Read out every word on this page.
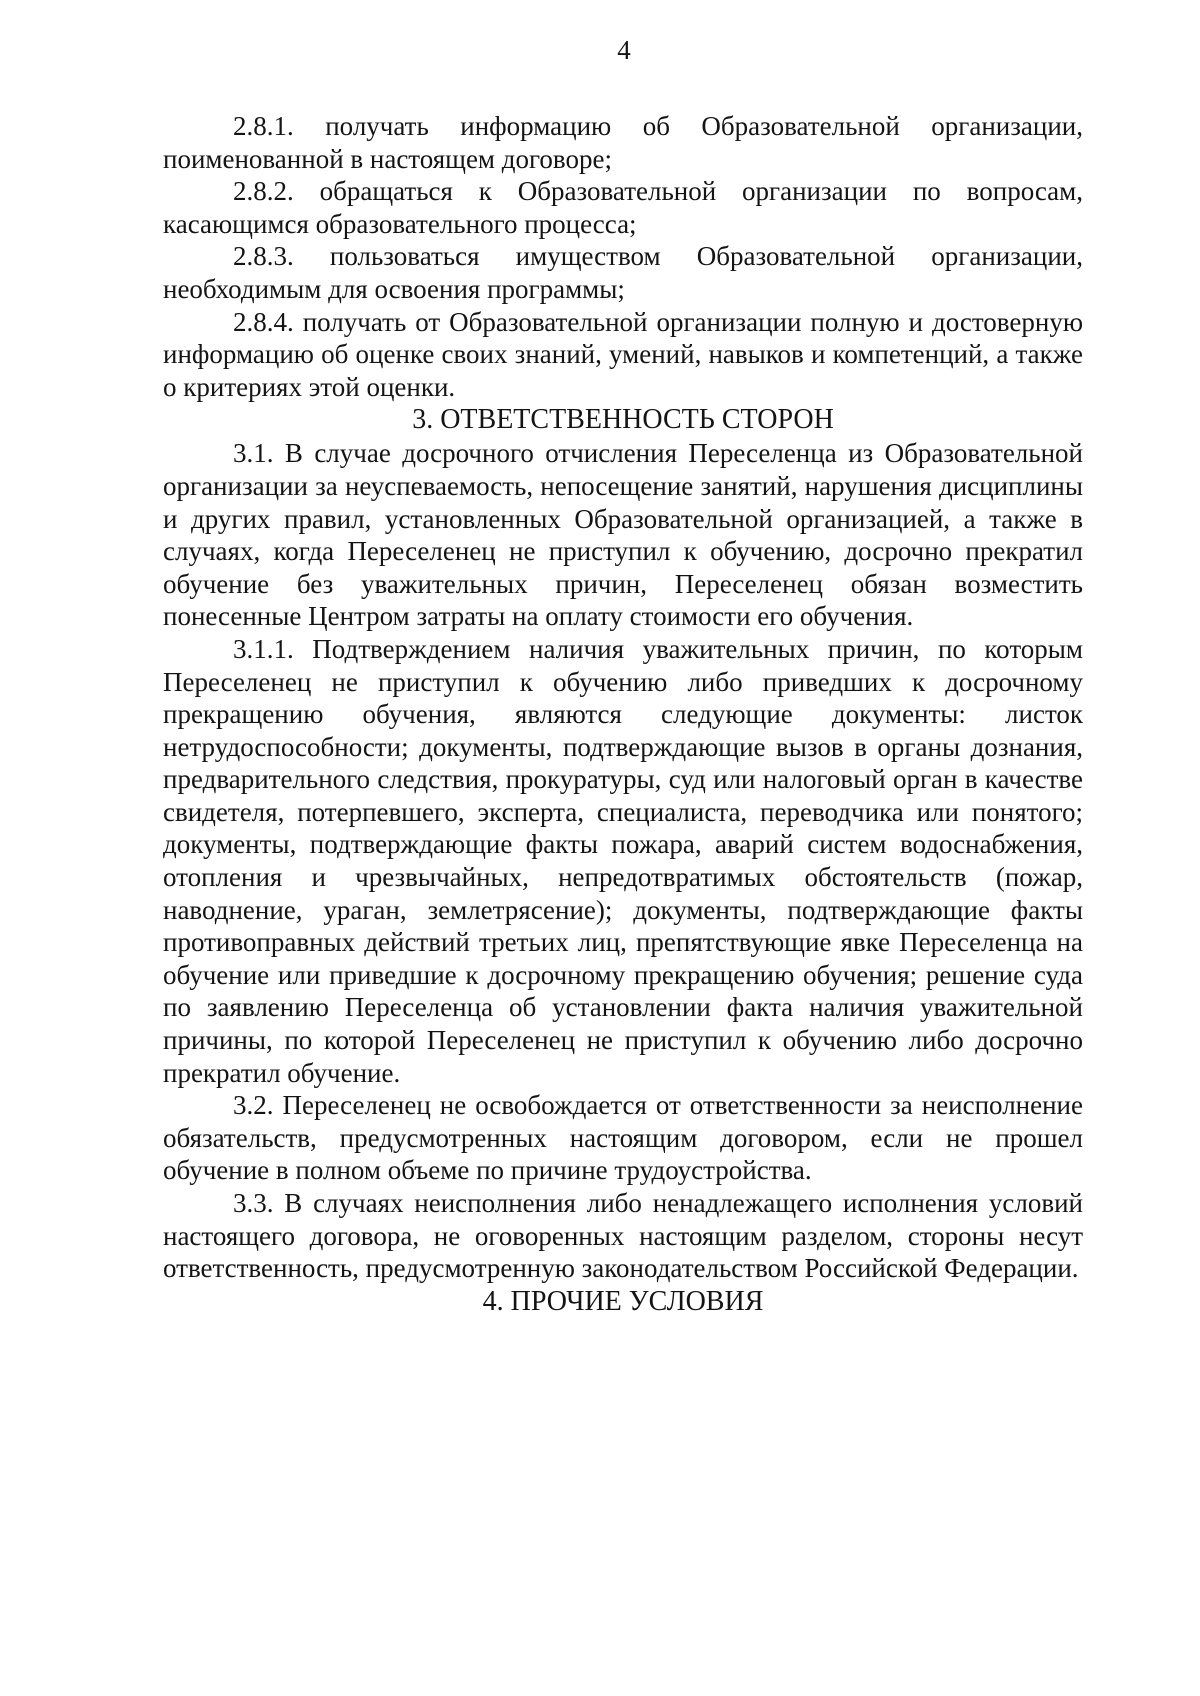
4

2.8.1. получать информацию об Образовательной организации, поименованной в настоящем договоре;

2.8.2. обращаться к Образовательной организации по вопросам, касающимся образовательного процесса;

2.8.3. пользоваться имуществом Образовательной организации, необходимым для освоения программы;

2.8.4. получать от Образовательной организации полную и достоверную информацию об оценке своих знаний, умений, навыков и компетенций, а также о критериях этой оценки.

3. ОТВЕТСТВЕННОСТЬ СТОРОН

3.1. В случае досрочного отчисления Переселенца из Образовательной организации за неуспеваемость, непосещение занятий, нарушения дисциплины и других правил, установленных Образовательной организацией, а также в случаях, когда Переселенец не приступил к обучению, досрочно прекратил обучение без уважительных причин, Переселенец обязан возместить понесенные Центром затраты на оплату стоимости его обучения.

3.1.1. Подтверждением наличия уважительных причин, по которым Переселенец не приступил к обучению либо приведших к досрочному прекращению обучения, являются следующие документы: листок нетрудоспособности; документы, подтверждающие вызов в органы дознания, предварительного следствия, прокуратуры, суд или налоговый орган в качестве свидетеля, потерпевшего, эксперта, специалиста, переводчика или понятого; документы, подтверждающие факты пожара, аварий систем водоснабжения, отопления и чрезвычайных, непредотвратимых обстоятельств (пожар, наводнение, ураган, землетрясение); документы, подтверждающие факты противоправных действий третьих лиц, препятствующие явке Переселенца на обучение или приведшие к досрочному прекращению обучения; решение суда по заявлению Переселенца об установлении факта наличия уважительной причины, по которой Переселенец не приступил к обучению либо досрочно прекратил обучение.

3.2. Переселенец не освобождается от ответственности за неисполнение обязательств, предусмотренных настоящим договором, если не прошел обучение в полном объеме по причине трудоустройства.

3.3. В случаях неисполнения либо ненадлежащего исполнения условий настоящего договора, не оговоренных настоящим разделом, стороны несут ответственность, предусмотренную законодательством Российской Федерации.

4. ПРОЧИЕ УСЛОВИЯ
